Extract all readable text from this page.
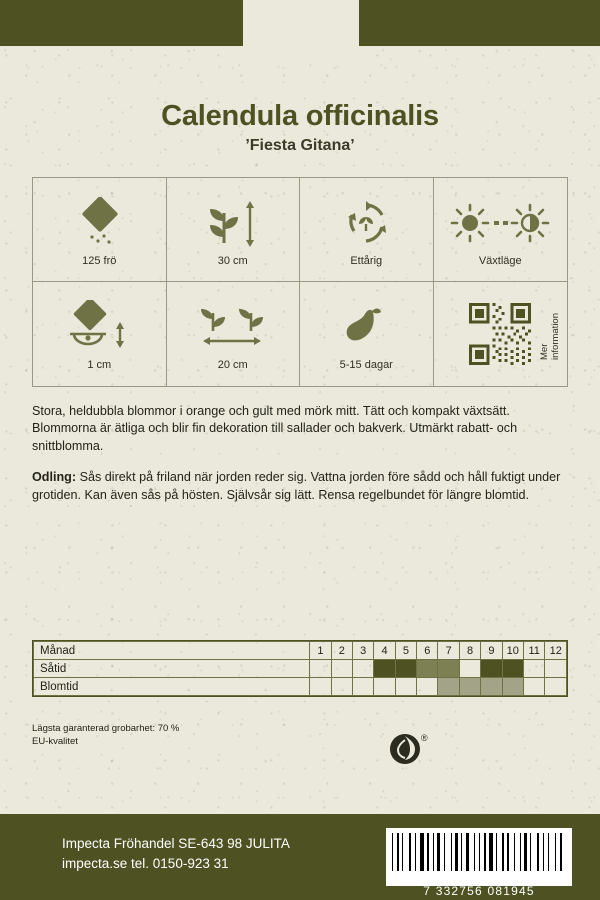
Calendula officinalis
’Fiesta Gitana’
125 frö	30 cm	Ettårig	Växtläge
1 cm	20 cm	5-15 dagar
Mer information

Stora, heldubbla blommor i orange och gult med mörk mitt. Tätt och kompakt växtsätt. Blommorna är ätliga och blir fin dekoration till sallader och bakverk. Utmärkt rabatt- och snittblomma.

Odling: Sås direkt på friland när jorden reder sig. Vattna jorden före sådd och håll fuktigt under grotiden. Kan även sås på hösten. Självsår sig lätt. Rensa regelbundet för längre blomtid.

Månad	1	2	3	4	5	6	7	8	9	10	11	12
Såtid												
Blomtid												
Lägsta garanterad grobarhet: 70 %
EU-kvalitet	®
Impecta Fröhandel SE-643 98 JULITA
impecta.se tel. 0150-923 31
7 332756 081945
